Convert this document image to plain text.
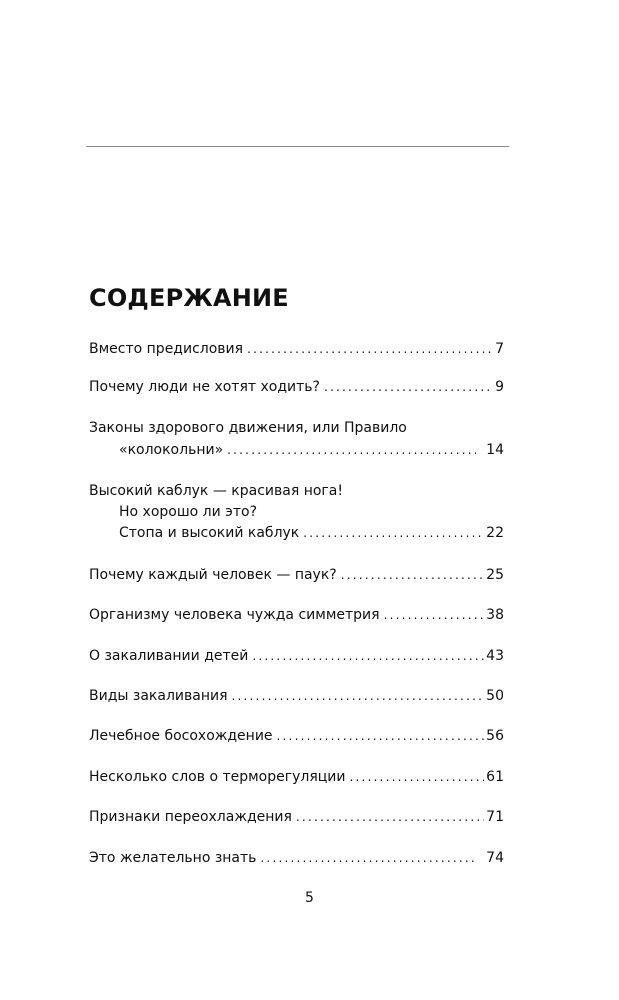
СОДЕРЖАНИЕ
Вместо предисловия .....	7
Почему люди не хотят ходить? .....	9
Законы здорового движения, или Правило
«колокольни» .....	14
Высокий каблук — красивая нога!
Но хорошо ли это?
Стопа и высокий каблук .....	22
Почему каждый человек — паук? .....	25
Организму человека чужда симметрия .....	38
О закаливании детей .....	43
Виды закаливания .....	50
Лечебное босохождение .....	56
Несколько слов о терморегуляции .....	61
Признаки переохлаждения .....	71
Это желательно знать .....	74
5
